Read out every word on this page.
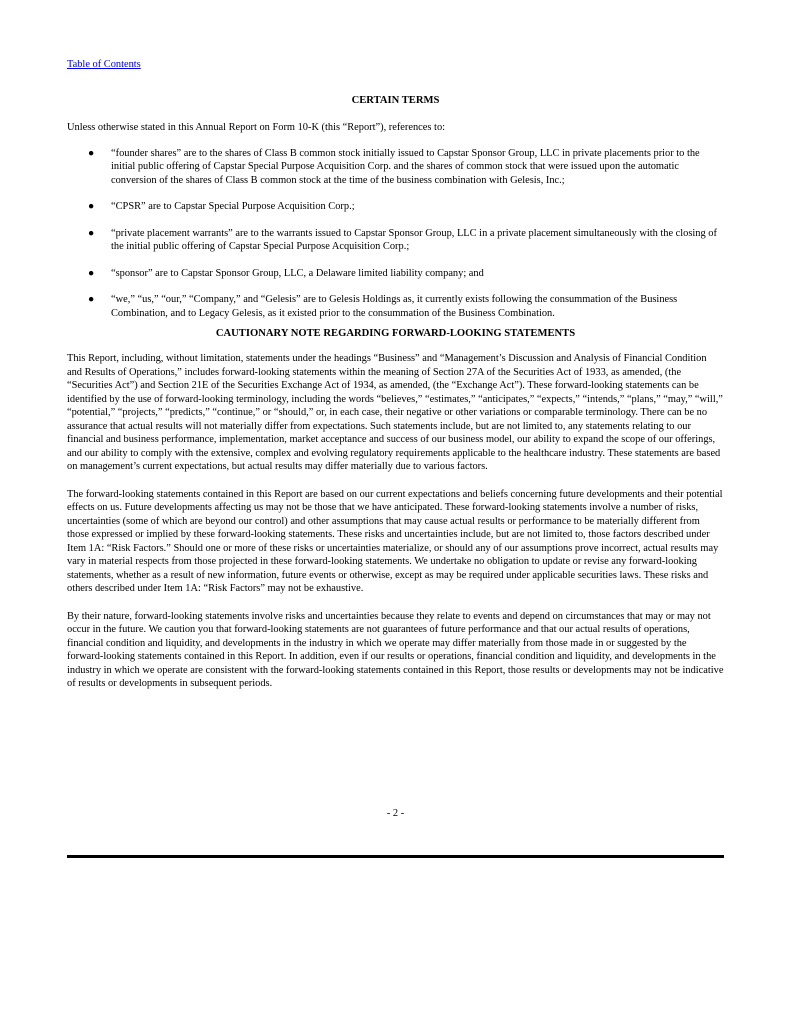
Table of Contents
CERTAIN TERMS
Unless otherwise stated in this Annual Report on Form 10-K (this “Report”), references to:
● “founder shares” are to the shares of Class B common stock initially issued to Capstar Sponsor Group, LLC in private placements prior to the initial public offering of Capstar Special Purpose Acquisition Corp. and the shares of common stock that were issued upon the automatic conversion of the shares of Class B common stock at the time of the business combination with Gelesis, Inc.;
● “CPSR” are to Capstar Special Purpose Acquisition Corp.;
● “private placement warrants” are to the warrants issued to Capstar Sponsor Group, LLC in a private placement simultaneously with the closing of the initial public offering of Capstar Special Purpose Acquisition Corp.;
● “sponsor” are to Capstar Sponsor Group, LLC, a Delaware limited liability company; and
● “we,” “us,” “our,” “Company,” and “Gelesis” are to Gelesis Holdings as, it currently exists following the consummation of the Business Combination, and to Legacy Gelesis, as it existed prior to the consummation of the Business Combination.
CAUTIONARY NOTE REGARDING FORWARD-LOOKING STATEMENTS

This Report, including, without limitation, statements under the headings “Business” and “Management’s Discussion and Analysis of Financial Condition and Results of Operations,” includes forward-looking statements within the meaning of Section 27A of the Securities Act of 1933, as amended, (the “Securities Act”) and Section 21E of the Securities Exchange Act of 1934, as amended, (the “Exchange Act”). These forward-looking statements can be identified by the use of forward-looking terminology, including the words “believes,” “estimates,” “anticipates,” “expects,” “intends,” “plans,” “may,” “will,” “potential,” “projects,” “predicts,” “continue,” or “should,” or, in each case, their negative or other variations or comparable terminology. There can be no assurance that actual results will not materially differ from expectations. Such statements include, but are not limited to, any statements relating to our financial and business performance, implementation, market acceptance and success of our business model, our ability to expand the scope of our offerings, and our ability to comply with the extensive, complex and evolving regulatory requirements applicable to the healthcare industry. These statements are based on management’s current expectations, but actual results may differ materially due to various factors.

The forward-looking statements contained in this Report are based on our current expectations and beliefs concerning future developments and their potential effects on us. Future developments affecting us may not be those that we have anticipated. These forward-looking statements involve a number of risks, uncertainties (some of which are beyond our control) and other assumptions that may cause actual results or performance to be materially different from those expressed or implied by these forward-looking statements. These risks and uncertainties include, but are not limited to, those factors described under Item 1A: “Risk Factors.” Should one or more of these risks or uncertainties materialize, or should any of our assumptions prove incorrect, actual results may vary in material respects from those projected in these forward-looking statements. We undertake no obligation to update or revise any forward-looking statements, whether as a result of new information, future events or otherwise, except as may be required under applicable securities laws. These risks and others described under Item 1A: “Risk Factors” may not be exhaustive.

By their nature, forward-looking statements involve risks and uncertainties because they relate to events and depend on circumstances that may or may not occur in the future. We caution you that forward-looking statements are not guarantees of future performance and that our actual results of operations, financial condition and liquidity, and developments in the industry in which we operate may differ materially from those made in or suggested by the forward-looking statements contained in this Report. In addition, even if our results or operations, financial condition and liquidity, and developments in the industry in which we operate are consistent with the forward-looking statements contained in this Report, those results or developments may not be indicative of results or developments in subsequent periods.

- 2 -
